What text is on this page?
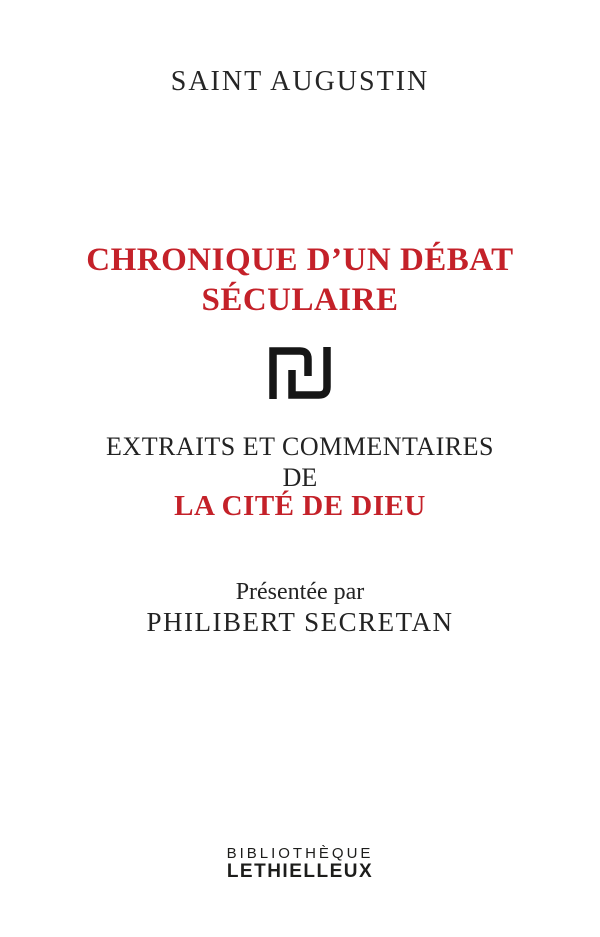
SAINT AUGUSTIN
CHRONIQUE D’UN DÉBAT
SÉCULAIRE
EXTRAITS ET COMMENTAIRES
DE
LA CITÉ DE DIEU
Présentée par
PHILIBERT SECRETAN
BIBLIOTHÈQUE
LETHIELLEUX
